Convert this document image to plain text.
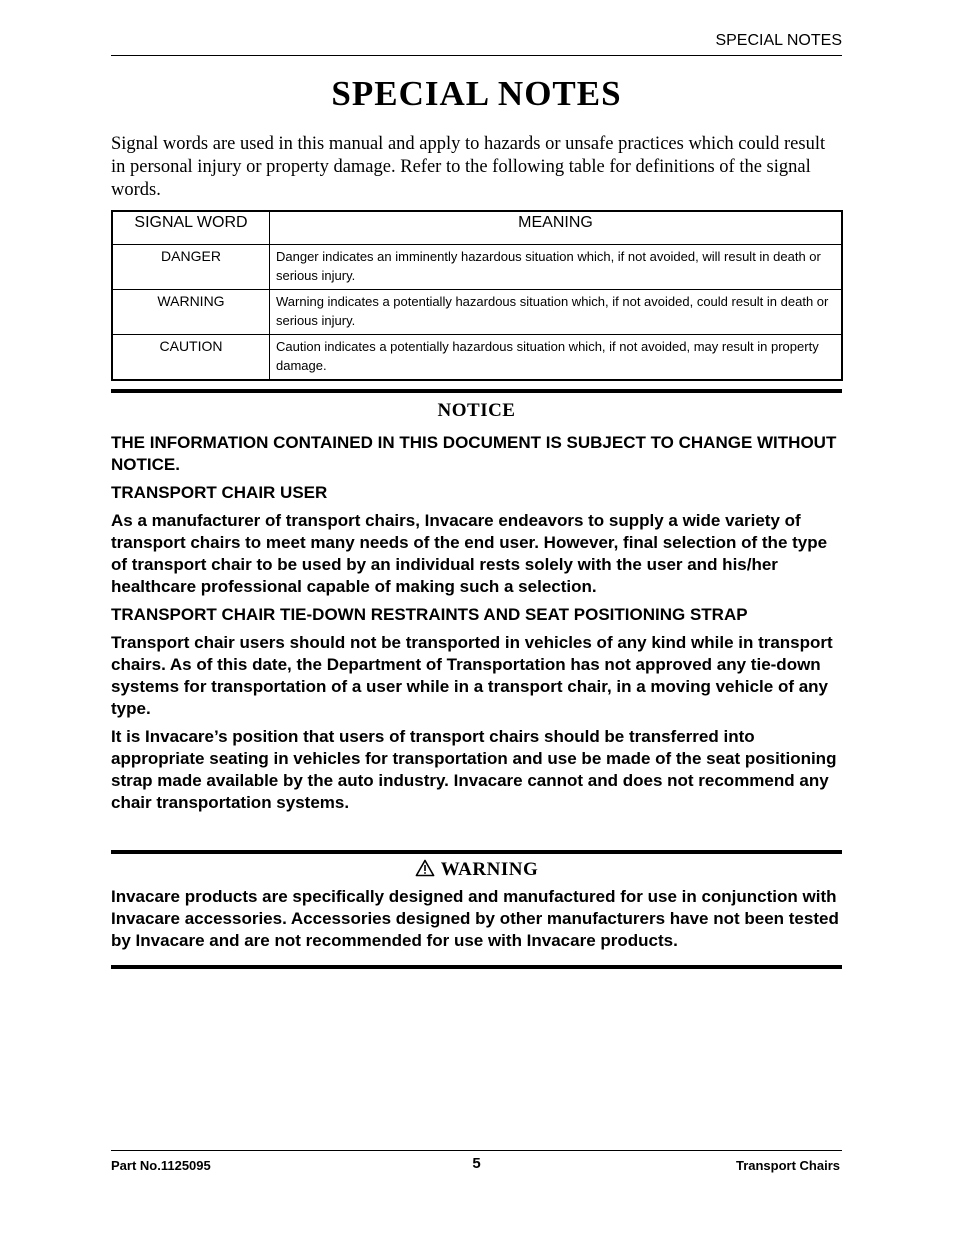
SPECIAL NOTES
SPECIAL NOTES

Signal words are used in this manual and apply to hazards or unsafe practices which could result in personal injury or property damage. Refer to the following table for definitions of the signal words.

SIGNAL WORD	MEANING
DANGER	Danger indicates an imminently hazardous situation which, if not avoided, will result in death or serious injury.
WARNING	Warning indicates a potentially hazardous situation which, if not avoided, could result in death or serious injury.
CAUTION	Caution indicates a potentially hazardous situation which, if not avoided, may result in property damage.
NOTICE

THE INFORMATION CONTAINED IN THIS DOCUMENT IS SUBJECT TO CHANGE WITHOUT NOTICE.

TRANSPORT CHAIR USER

As a manufacturer of transport chairs, Invacare endeavors to supply a wide variety of transport chairs to meet many needs of the end user. However, final selection of the type of transport chair to be used by an individual rests solely with the user and his/her healthcare professional capable of making such a selection.

TRANSPORT CHAIR TIE-DOWN RESTRAINTS AND SEAT POSITIONING STRAP

Transport chair users should not be transported in vehicles of any kind while in transport chairs. As of this date, the Department of Transportation has not approved any tie-down systems for transportation of a user while in a transport chair, in a moving vehicle of any type.

It is Invacare’s position that users of transport chairs should be transferred into appropriate seating in vehicles for transportation and use be made of the seat positioning strap made available by the auto industry. Invacare cannot and does not recommend any chair transportation systems.

WARNING

Invacare products are specifically designed and manufactured for use in conjunction with Invacare accessories. Accessories designed by other manufacturers have not been tested by Invacare and are not recommended for use with Invacare products.

Part No.1125095	5	Transport Chairs
